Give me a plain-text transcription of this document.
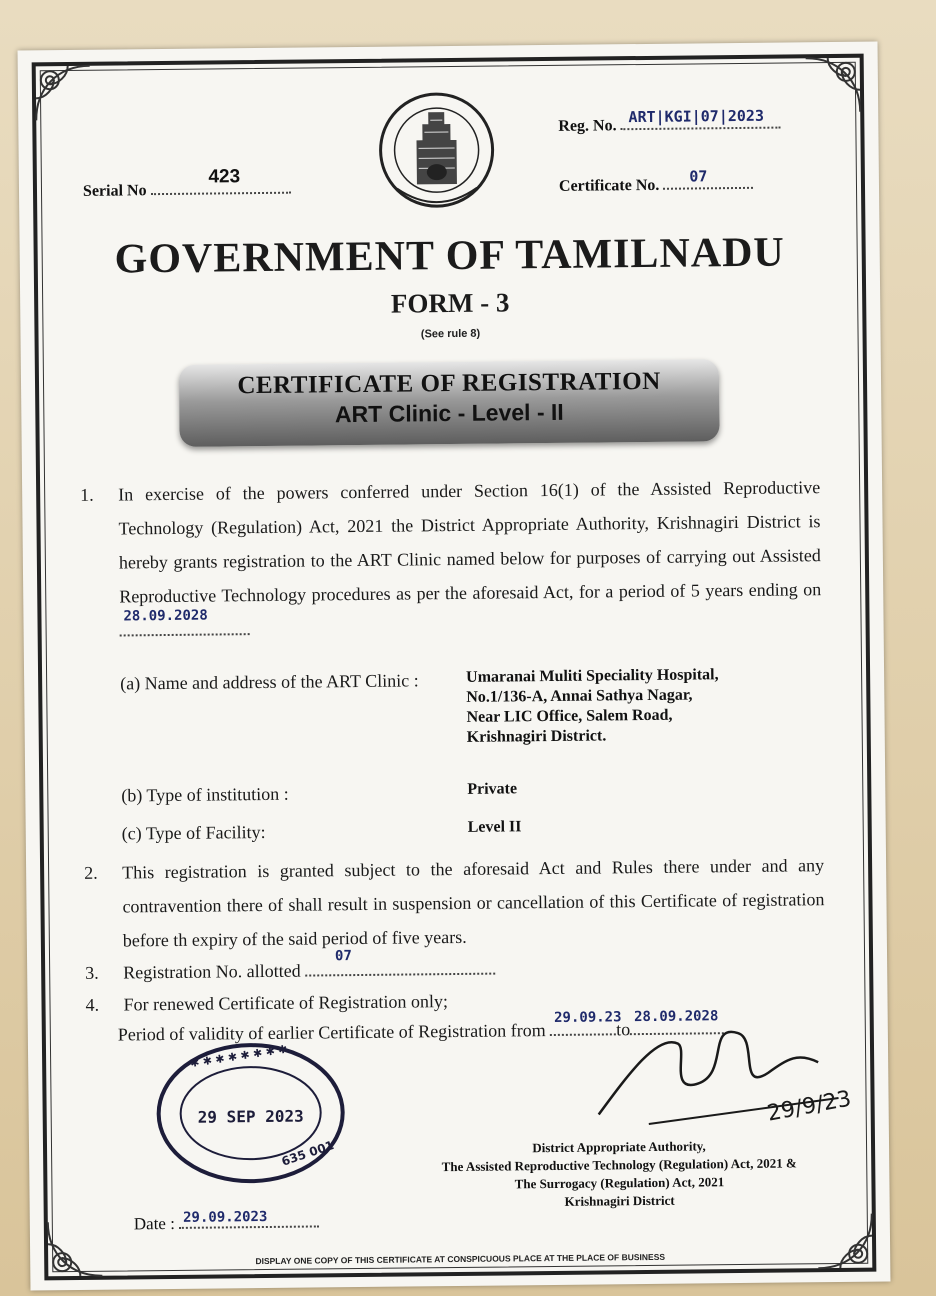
Serial No
423
Reg. No. ART|KGI|07|2023
Certificate No.
07
GOVERNMENT OF TAMILNADU
FORM - 3
(See rule 8)
CERTIFICATE OF REGISTRATION
ART Clinic - Level - II
1. In exercise of the powers conferred under Section 16(1) of the Assisted Reproductive Technology (Regulation) Act, 2021 the District Appropriate Authority, Krishnagiri District is hereby grants registration to the ART Clinic named below for purposes of carrying out Assisted Reproductive Technology procedures as per the aforesaid Act, for a period of 5 years ending on
28.09.2028
(a) Name and address of the ART Clinic :	Umaranai Muliti Speciality Hospital,
No.1/136-A, Annai Sathya Nagar,
Near LIC Office, Salem Road,
Krishnagiri District.
(b) Type of institution :	Private
(c) Type of Facility:	Level II
2. This registration is granted subject to the aforesaid Act and Rules there under and any contravention there of shall result in suspension or cancellation of this Certificate of registration before th expiry of the said period of five years.
3. Registration No. allotted
07
4. For renewed Certificate of Registration only;
Period of validity of earlier Certificate of Registration from
29.09.23
to
28.09.2028
✱ ✱ ✱ ✱ ✱ ✱ ✱ ✱
29 SEP 2023
635 001
29/9/23
District Appropriate Authority,
The Assisted Reproductive Technology (Regulation) Act, 2021 &
The Surrogacy (Regulation) Act, 2021
Krishnagiri District
Date : 29.09.2023
DISPLAY ONE COPY OF THIS CERTIFICATE AT CONSPICUOUS PLACE AT THE PLACE OF BUSINESS
